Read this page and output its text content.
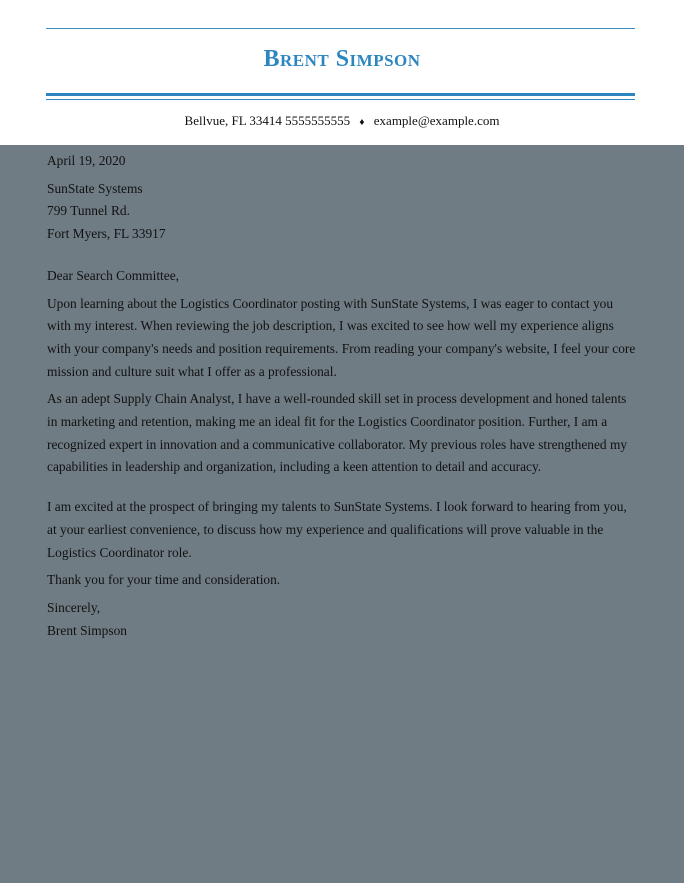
Brent Simpson
Bellvue, FL 33414 5555555555 ♦ example@example.com

April 19, 2020

SunState Systems

799 Tunnel Rd.

Fort Myers, FL 33917

Dear Search Committee,

Upon learning about the Logistics Coordinator posting with SunState Systems, I was eager to contact you with my interest. When reviewing the job description, I was excited to see how well my experience aligns with your company's needs and position requirements. From reading your company's website, I feel your core mission and culture suit what I offer as a professional.

As an adept Supply Chain Analyst, I have a well-rounded skill set in process development and honed talents in marketing and retention, making me an ideal fit for the Logistics Coordinator position. Further, I am a recognized expert in innovation and a communicative collaborator. My previous roles have strengthened my capabilities in leadership and organization, including a keen attention to detail and accuracy.

I am excited at the prospect of bringing my talents to SunState Systems. I look forward to hearing from you, at your earliest convenience, to discuss how my experience and qualifications will prove valuable in the Logistics Coordinator role.

Thank you for your time and consideration.

Sincerely,

Brent Simpson
